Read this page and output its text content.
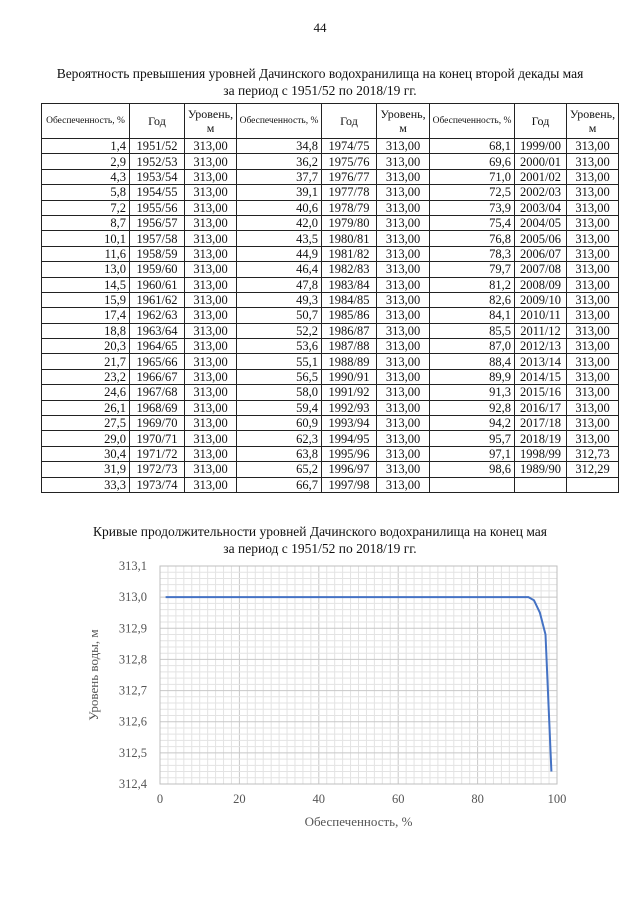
44
Вероятность превышения уровней Дачинского водохранилища на конец второй декады мая
за период с 1951/52 по 2018/19 гг.
Обеспеченность, %	Год	Уровень, м	Обеспеченность, %	Год	Уровень, м	Обеспеченность, %	Год	Уровень, м
1,4	1951/52	313,00	34,8	1974/75	313,00	68,1	1999/00	313,00
2,9	1952/53	313,00	36,2	1975/76	313,00	69,6	2000/01	313,00
4,3	1953/54	313,00	37,7	1976/77	313,00	71,0	2001/02	313,00
5,8	1954/55	313,00	39,1	1977/78	313,00	72,5	2002/03	313,00
7,2	1955/56	313,00	40,6	1978/79	313,00	73,9	2003/04	313,00
8,7	1956/57	313,00	42,0	1979/80	313,00	75,4	2004/05	313,00
10,1	1957/58	313,00	43,5	1980/81	313,00	76,8	2005/06	313,00
11,6	1958/59	313,00	44,9	1981/82	313,00	78,3	2006/07	313,00
13,0	1959/60	313,00	46,4	1982/83	313,00	79,7	2007/08	313,00
14,5	1960/61	313,00	47,8	1983/84	313,00	81,2	2008/09	313,00
15,9	1961/62	313,00	49,3	1984/85	313,00	82,6	2009/10	313,00
17,4	1962/63	313,00	50,7	1985/86	313,00	84,1	2010/11	313,00
18,8	1963/64	313,00	52,2	1986/87	313,00	85,5	2011/12	313,00
20,3	1964/65	313,00	53,6	1987/88	313,00	87,0	2012/13	313,00
21,7	1965/66	313,00	55,1	1988/89	313,00	88,4	2013/14	313,00
23,2	1966/67	313,00	56,5	1990/91	313,00	89,9	2014/15	313,00
24,6	1967/68	313,00	58,0	1991/92	313,00	91,3	2015/16	313,00
26,1	1968/69	313,00	59,4	1992/93	313,00	92,8	2016/17	313,00
27,5	1969/70	313,00	60,9	1993/94	313,00	94,2	2017/18	313,00
29,0	1970/71	313,00	62,3	1994/95	313,00	95,7	2018/19	313,00
30,4	1971/72	313,00	63,8	1995/96	313,00	97,1	1998/99	312,73
31,9	1972/73	313,00	65,2	1996/97	313,00	98,6	1989/90	312,29
33,3	1973/74	313,00	66,7	1997/98	313,00			
Кривые продолжительности уровней Дачинского водохранилища на конец мая
за период с 1951/52 по 2018/19 гг.
313,1
313,0
312,9
312,8
312,7
312,6
312,5
312,4
0	20	40	60	80	100
Обеспеченность, %
Уровень воды, м
